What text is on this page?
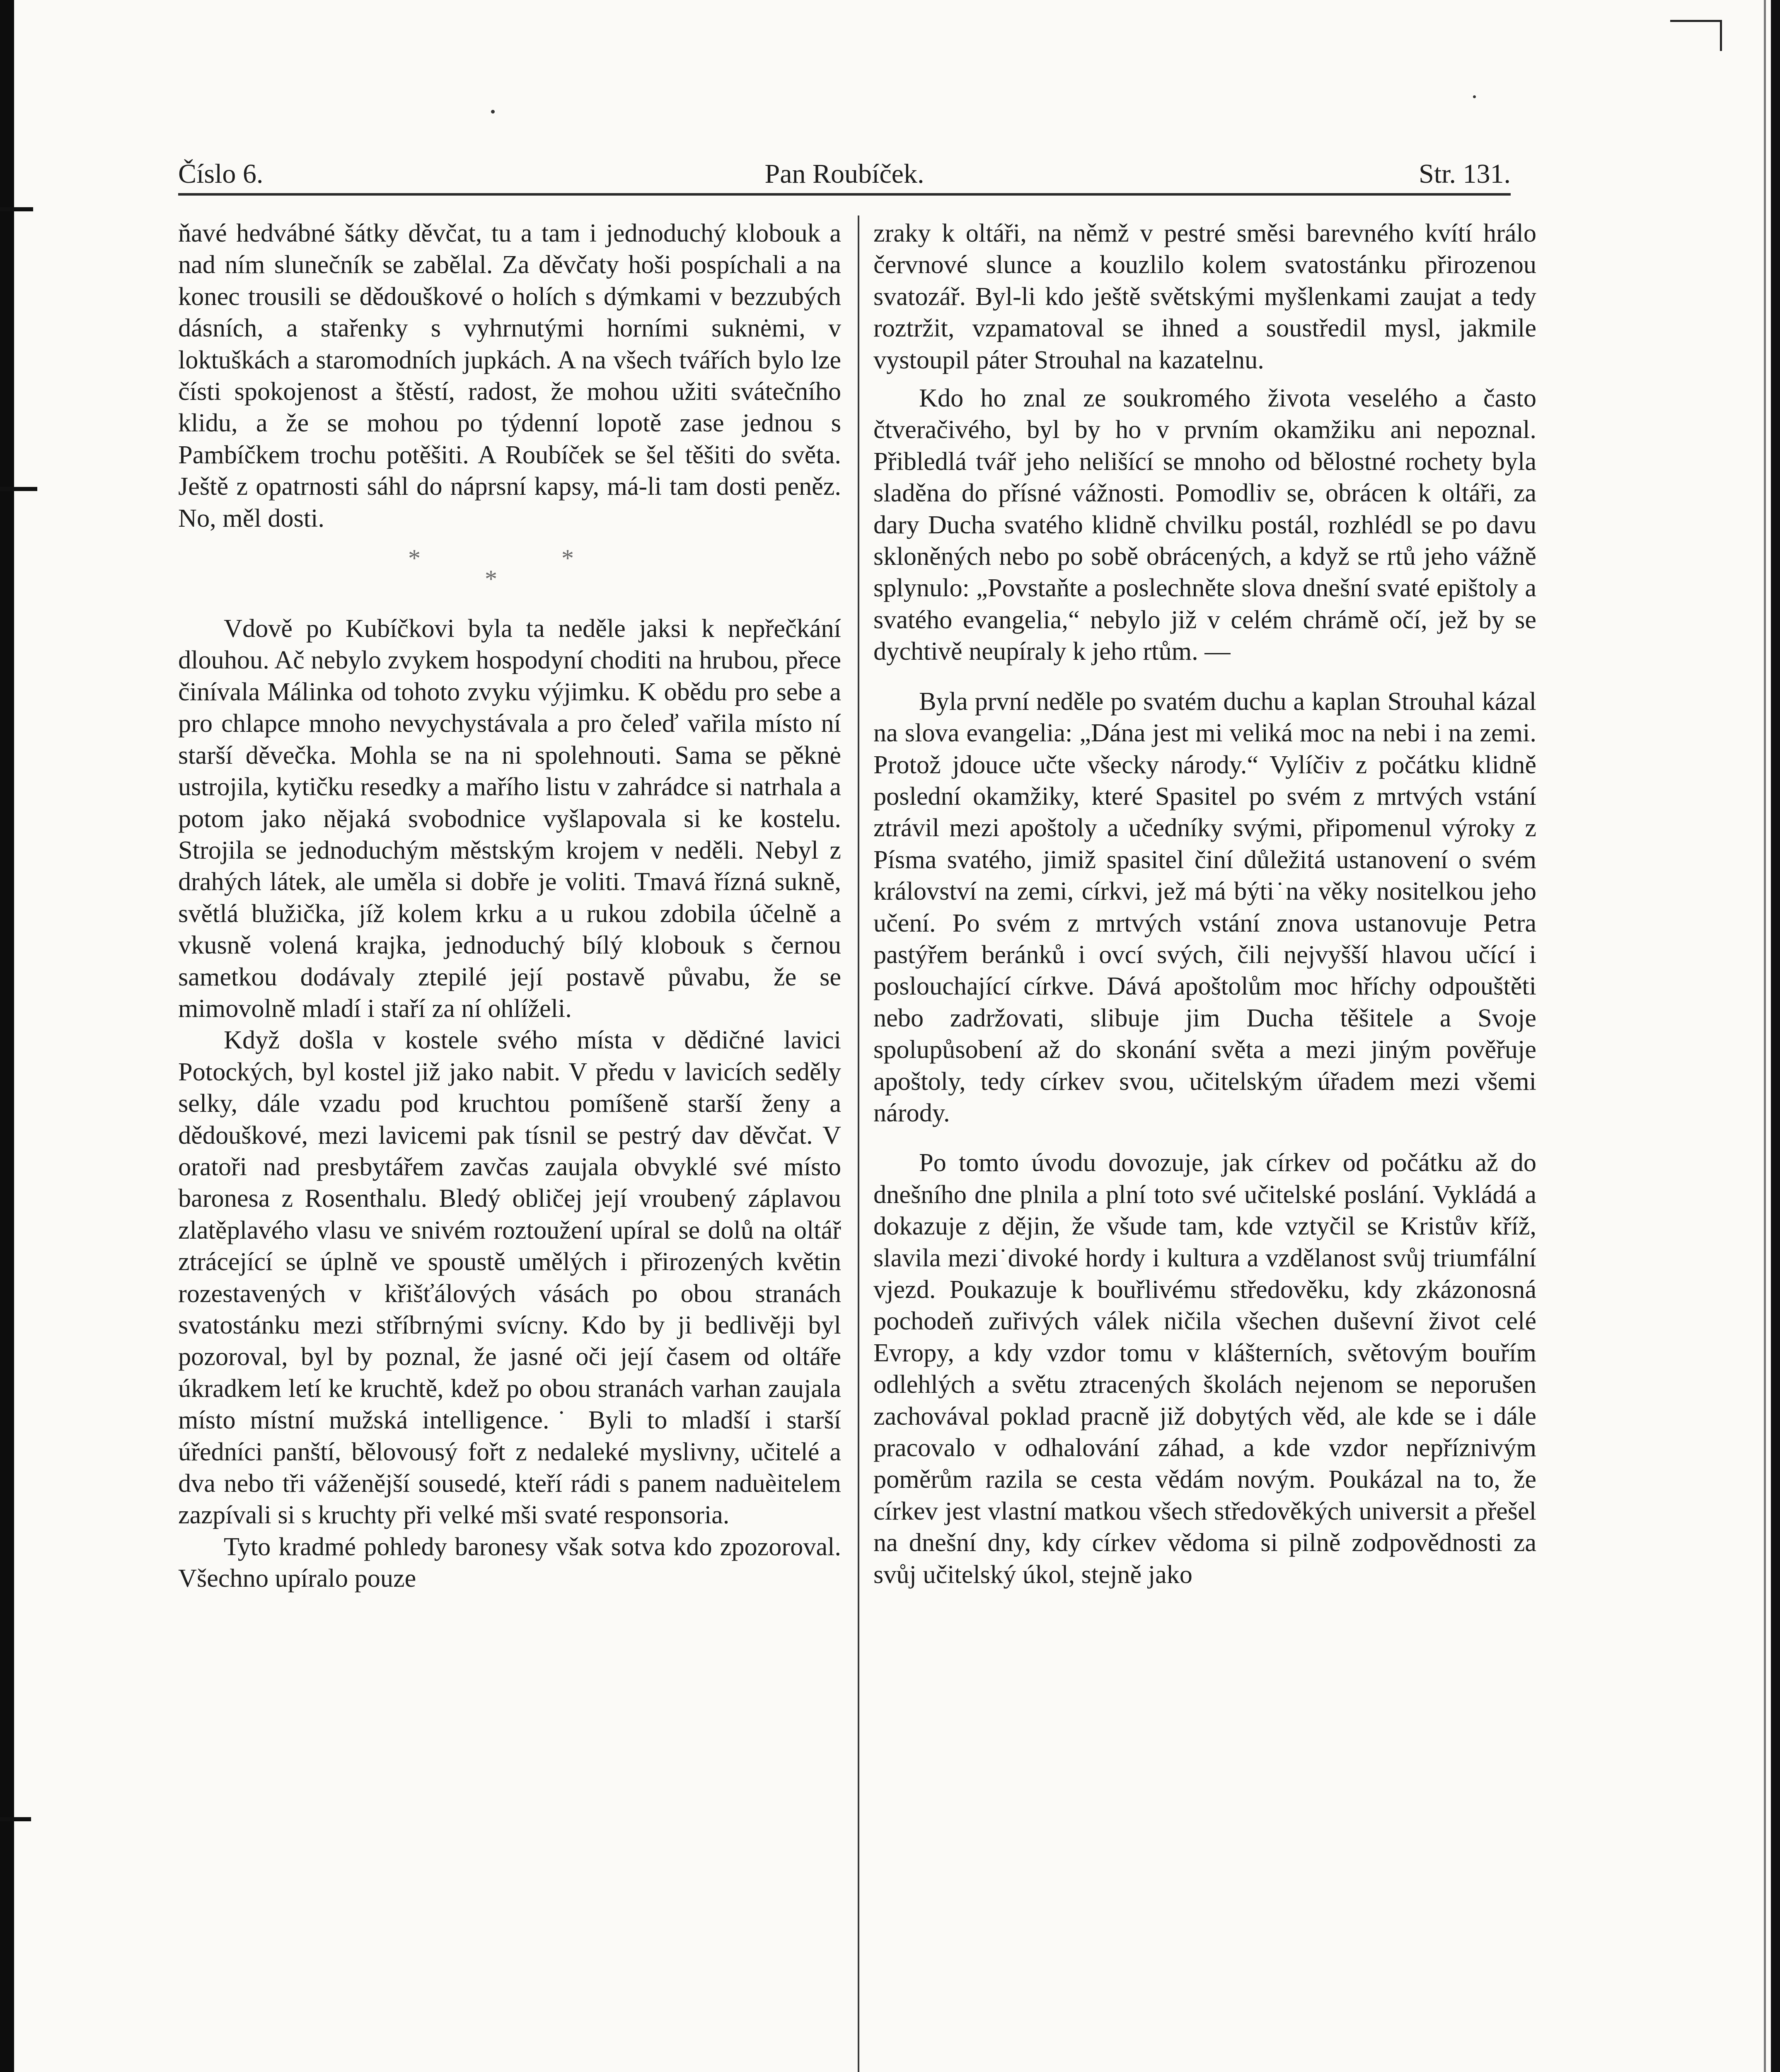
Číslo 6.	Pan Roubíček.	Str. 131.

ňavé hedvábné šátky děvčat, tu a tam i jednoduchý klobouk a nad ním slunečník se zabělal. Za děvčaty hoši pospíchali a na konec trousili se dědouškové o holích s dýmkami v bezzubých dásních, a stařenky s vyhrnutými horními suknėmi, v loktuškách a staromodních jupkách. A na všech tvářích bylo lze čísti spokojenost a štěstí, radost, že mohou užiti svátečního klidu, a že se mohou po týdenní lopotě zase jednou s Pambíčkem trochu potěšiti. A Roubíček se šel těšiti do světa. Ještě z opatrnosti sáhl do náprsní kapsy, má-li tam dosti peněz. No, měl dosti.

*
*
*

Vdově po Kubíčkovi byla ta neděle jaksi k nepřečkání dlouhou. Ač nebylo zvykem hospodyní choditi na hrubou, přece činívala Málinka od tohoto zvyku výjimku. K obědu pro sebe a pro chlapce mnoho nevychystávala a pro čeleď vařila místo ní starší děvečka. Mohla se na ni spolehnouti. Sama se pěknė ustrojila, kytičku resedky a mařího listu v zahrádce si natrhala a potom jako nějaká svobodnice vyšlapovala si ke kostelu. Strojila se jednoduchým městským krojem v neděli. Nebyl z drahých látek, ale uměla si dobře je voliti. Tmavá řízná sukně, světlá blužička, jíž kolem krku a u rukou zdobila účelně a vkusně volená krajka, jednoduchý bílý klobouk s černou sametkou dodávaly ztepilé její postavě půvabu, že se mimovolně mladí i staří za ní ohlíželi.

Když došla v kostele svého místa v dědičné lavici Potockých, byl kostel již jako nabit. V předu v lavicích seděly selky, dále vzadu pod kruchtou pomíšeně starší ženy a dědouškové, mezi lavicemi pak tísnil se pestrý dav děvčat. V oratoři nad presbytářem zavčas zaujala obvyklé své místo baronesa z Rosenthalu. Bledý obličej její vroubený záplavou zlatěplavého vlasu ve snivém roztoužení upíral se dolů na oltář ztrácející se úplně ve spoustě umělých i přirozených květin rozestavených v křišťálových vásách po obou stranách svatostánku mezi stříbrnými svícny. Kdo by ji bedlivěji byl pozoroval, byl by poznal, že jasné oči její časem od oltáře úkradkem letí ke kruchtě, kdež po obou stranách varhan zaujala místo místní mužská intelligence.˙ Byli to mladší i starší úředníci panští, bělovousý fořt z nedaleké myslivny, učitelé a dva nebo tři váženější sousedé, kteří rádi s panem naduèitelem zazpívali si s kruchty při velké mši svaté responsoria.

Tyto kradmé pohledy baronesy však sotva kdo zpozoroval. Všechno upíralo pouze

zraky k oltáři, na němž v pestré směsi barevného kvítí hrálo červnové slunce a kouzlilo kolem svatostánku přirozenou svatozář. Byl-li kdo ještě světskými myšlenkami zaujat a tedy roztržit, vzpamatoval se ihned a soustředil mysl, jakmile vystoupil páter Strouhal na kazatelnu.

Kdo ho znal ze soukromého života veselého a často čtveračivého, byl by ho v prvním okamžiku ani nepoznal. Přibledlá tvář jeho nelišící se mnoho od bělostné rochety byla sladěna do přísné vážnosti. Pomodliv se, obrácen k oltáři, za dary Ducha svatého klidně chvilku postál, rozhlédl se po davu skloněných nebo po sobě obrácených, a když se rtů jeho vážně splynulo: „Povstaňte a poslechněte slova dnešní svaté epištoly a svatého evangelia,“ nebylo již v celém chrámě očí, jež by se dychtivě neupíraly k jeho rtům. —

Byla první neděle po svatém duchu a kaplan Strouhal kázal na slova evangelia: „Dána jest mi veliká moc na nebi i na zemi. Protož jdouce učte všecky národy.“ Vylíčiv z počátku klidně poslední okamžiky, které Spasitel po svém z mrtvých vstání ztrávil mezi apoštoly a učedníky svými, připomenul výroky z Písma svatého, jimiž spasitel činí důležitá ustanovení o svém království na zemi, církvi, jež má býti˙na věky nositelkou jeho učení. Po svém z mrtvých vstání znova ustanovuje Petra pastýřem beránků i ovcí svých, čili nejvyšší hlavou učící i poslouchající církve. Dává apoštolům moc hříchy odpouštěti nebo zadržovati, slibuje jim Ducha těšitele a Svoje spolupůsobení až do skonání světa a mezi jiným pověřuje apoštoly, tedy církev svou, učitelským úřadem mezi všemi národy.

Po tomto úvodu dovozuje, jak církev od počátku až do dnešního dne plnila a plní toto své učitelské poslání. Vykládá a dokazuje z dějin, že všude tam, kde vztyčil se Kristův kříž, slavila mezi˙divoké hordy i kultura a vzdělanost svůj triumfální vjezd. Poukazuje k bouřlivému středověku, kdy zkázonosná pochodeň zuřivých válek ničila všechen duševní život celé Evropy, a kdy vzdor tomu v klášterních, světovým bouřím odlehlých a světu ztracených školách nejenom se neporušen zachovával poklad pracně již dobytých věd, ale kde se i dále pracovalo v odhalování záhad, a kde vzdor nepříznivým poměrům razila se cesta vědám novým. Poukázal na to, že církev jest vlastní matkou všech středověkých universit a přešel na dnešní dny, kdy církev vědoma si pilně zodpovědnosti za svůj učitelský úkol, stejně jako
